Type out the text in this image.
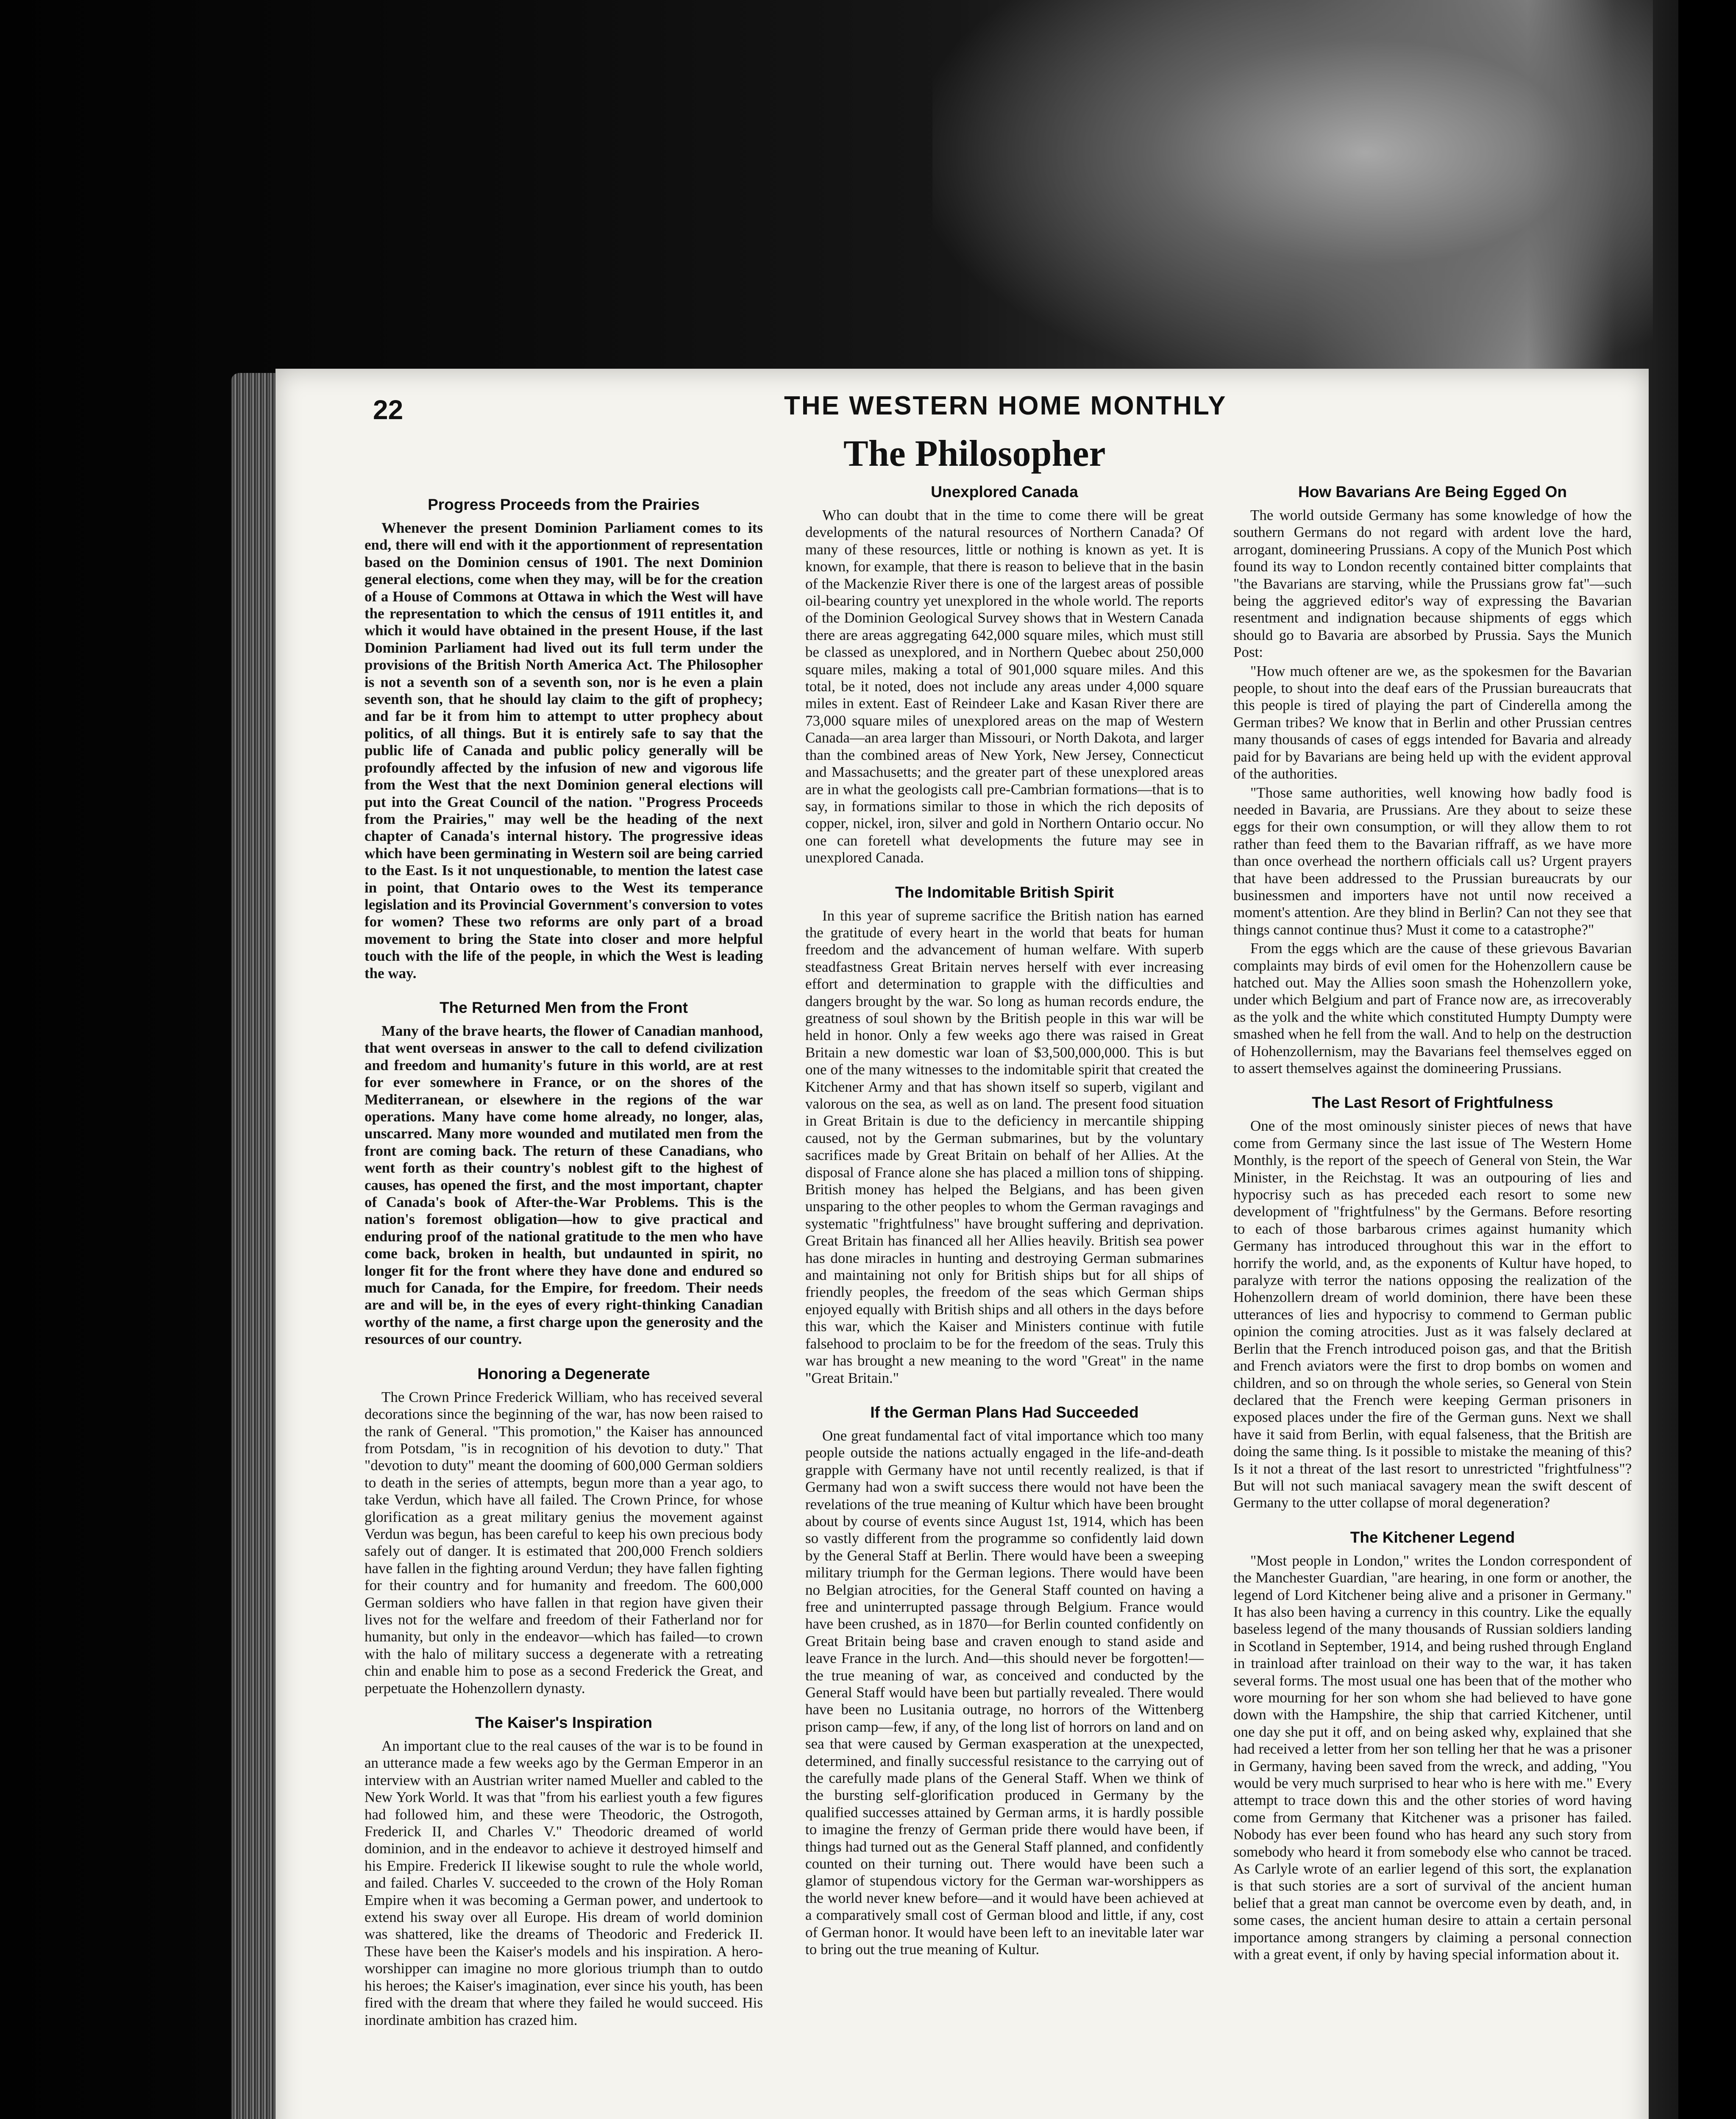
22	THE WESTERN HOME MONTHLY
The Philosopher
Progress Proceeds from the Prairies

Whenever the present Dominion Parliament comes to its end, there will end with it the apportionment of representation based on the Dominion census of 1901. The next Dominion general elections, come when they may, will be for the creation of a House of Commons at Ottawa in which the West will have the representation to which the census of 1911 entitles it, and which it would have obtained in the present House, if the last Dominion Parliament had lived out its full term under the provisions of the British North America Act. The Philosopher is not a seventh son of a seventh son, nor is he even a plain seventh son, that he should lay claim to the gift of prophecy; and far be it from him to attempt to utter prophecy about politics, of all things. But it is entirely safe to say that the public life of Canada and public policy generally will be profoundly affected by the infusion of new and vigorous life from the West that the next Dominion general elections will put into the Great Council of the nation. "Progress Proceeds from the Prairies," may well be the heading of the next chapter of Canada's internal history. The progressive ideas which have been germinating in Western soil are being carried to the East. Is it not unquestionable, to mention the latest case in point, that Ontario owes to the West its temperance legislation and its Provincial Government's conversion to votes for women? These two reforms are only part of a broad movement to bring the State into closer and more helpful touch with the life of the people, in which the West is leading the way.

The Returned Men from the Front

Many of the brave hearts, the flower of Canadian manhood, that went overseas in answer to the call to defend civilization and freedom and humanity's future in this world, are at rest for ever somewhere in France, or on the shores of the Mediterranean, or elsewhere in the regions of the war operations. Many have come home already, no longer, alas, unscarred. Many more wounded and mutilated men from the front are coming back. The return of these Canadians, who went forth as their country's noblest gift to the highest of causes, has opened the first, and the most important, chapter of Canada's book of After-the-War Problems. This is the nation's foremost obligation—how to give practical and enduring proof of the national gratitude to the men who have come back, broken in health, but undaunted in spirit, no longer fit for the front where they have done and endured so much for Canada, for the Empire, for freedom. Their needs are and will be, in the eyes of every right-thinking Canadian worthy of the name, a first charge upon the generosity and the resources of our country.

Honoring a Degenerate

The Crown Prince Frederick William, who has received several decorations since the beginning of the war, has now been raised to the rank of General. "This promotion," the Kaiser has announced from Potsdam, "is in recognition of his devotion to duty." That "devotion to duty" meant the dooming of 600,000 German soldiers to death in the series of attempts, begun more than a year ago, to take Verdun, which have all failed. The Crown Prince, for whose glorification as a great military genius the movement against Verdun was begun, has been careful to keep his own precious body safely out of danger. It is estimated that 200,000 French soldiers have fallen in the fighting around Verdun; they have fallen fighting for their country and for humanity and freedom. The 600,000 German soldiers who have fallen in that region have given their lives not for the welfare and freedom of their Fatherland nor for humanity, but only in the endeavor—which has failed—to crown with the halo of military success a degenerate with a retreating chin and enable him to pose as a second Frederick the Great, and perpetuate the Hohenzollern dynasty.

The Kaiser's Inspiration

An important clue to the real causes of the war is to be found in an utterance made a few weeks ago by the German Emperor in an interview with an Austrian writer named Mueller and cabled to the New York World. It was that "from his earliest youth a few figures had followed him, and these were Theodoric, the Ostrogoth, Frederick II, and Charles V." Theodoric dreamed of world dominion, and in the endeavor to achieve it destroyed himself and his Empire. Frederick II likewise sought to rule the whole world, and failed. Charles V. succeeded to the crown of the Holy Roman Empire when it was becoming a German power, and undertook to extend his sway over all Europe. His dream of world dominion was shattered, like the dreams of Theodoric and Frederick II. These have been the Kaiser's models and his inspiration. A hero-worshipper can imagine no more glorious triumph than to outdo his heroes; the Kaiser's imagination, ever since his youth, has been fired with the dream that where they failed he would succeed. His inordinate ambition has crazed him.

Unexplored Canada

Who can doubt that in the time to come there will be great developments of the natural resources of Northern Canada? Of many of these resources, little or nothing is known as yet. It is known, for example, that there is reason to believe that in the basin of the Mackenzie River there is one of the largest areas of possible oil-bearing country yet unexplored in the whole world. The reports of the Dominion Geological Survey shows that in Western Canada there are areas aggregating 642,000 square miles, which must still be classed as unexplored, and in Northern Quebec about 250,000 square miles, making a total of 901,000 square miles. And this total, be it noted, does not include any areas under 4,000 square miles in extent. East of Reindeer Lake and Kasan River there are 73,000 square miles of unexplored areas on the map of Western Canada—an area larger than Missouri, or North Dakota, and larger than the combined areas of New York, New Jersey, Connecticut and Massachusetts; and the greater part of these unexplored areas are in what the geologists call pre-Cambrian formations—that is to say, in formations similar to those in which the rich deposits of copper, nickel, iron, silver and gold in Northern Ontario occur. No one can foretell what developments the future may see in unexplored Canada.

The Indomitable British Spirit

In this year of supreme sacrifice the British nation has earned the gratitude of every heart in the world that beats for human freedom and the advancement of human welfare. With superb steadfastness Great Britain nerves herself with ever increasing effort and determination to grapple with the difficulties and dangers brought by the war. So long as human records endure, the greatness of soul shown by the British people in this war will be held in honor. Only a few weeks ago there was raised in Great Britain a new domestic war loan of $3,500,000,000. This is but one of the many witnesses to the indomitable spirit that created the Kitchener Army and that has shown itself so superb, vigilant and valorous on the sea, as well as on land. The present food situation in Great Britain is due to the deficiency in mercantile shipping caused, not by the German submarines, but by the voluntary sacrifices made by Great Britain on behalf of her Allies. At the disposal of France alone she has placed a million tons of shipping. British money has helped the Belgians, and has been given unsparing to the other peoples to whom the German ravagings and systematic "frightfulness" have brought suffering and deprivation. Great Britain has financed all her Allies heavily. British sea power has done miracles in hunting and destroying German submarines and maintaining not only for British ships but for all ships of friendly peoples, the freedom of the seas which German ships enjoyed equally with British ships and all others in the days before this war, which the Kaiser and Ministers continue with futile falsehood to proclaim to be for the freedom of the seas. Truly this war has brought a new meaning to the word "Great" in the name "Great Britain."

If the German Plans Had Succeeded

One great fundamental fact of vital importance which too many people outside the nations actually engaged in the life-and-death grapple with Germany have not until recently realized, is that if Germany had won a swift success there would not have been the revelations of the true meaning of Kultur which have been brought about by course of events since August 1st, 1914, which has been so vastly different from the programme so confidently laid down by the General Staff at Berlin. There would have been a sweeping military triumph for the German legions. There would have been no Belgian atrocities, for the General Staff counted on having a free and uninterrupted passage through Belgium. France would have been crushed, as in 1870—for Berlin counted confidently on Great Britain being base and craven enough to stand aside and leave France in the lurch. And—this should never be forgotten!—the true meaning of war, as conceived and conducted by the General Staff would have been but partially revealed. There would have been no Lusitania outrage, no horrors of the Wittenberg prison camp—few, if any, of the long list of horrors on land and on sea that were caused by German exasperation at the unexpected, determined, and finally successful resistance to the carrying out of the carefully made plans of the General Staff. When we think of the bursting self-glorification produced in Germany by the qualified successes attained by German arms, it is hardly possible to imagine the frenzy of German pride there would have been, if things had turned out as the General Staff planned, and confidently counted on their turning out. There would have been such a glamor of stupendous victory for the German war-worshippers as the world never knew before—and it would have been achieved at a comparatively small cost of German blood and little, if any, cost of German honor. It would have been left to an inevitable later war to bring out the true meaning of Kultur.

How Bavarians Are Being Egged On

The world outside Germany has some knowledge of how the southern Germans do not regard with ardent love the hard, arrogant, domineering Prussians. A copy of the Munich Post which found its way to London recently contained bitter complaints that "the Bavarians are starving, while the Prussians grow fat"—such being the aggrieved editor's way of expressing the Bavarian resentment and indignation because shipments of eggs which should go to Bavaria are absorbed by Prussia. Says the Munich Post:

"How much oftener are we, as the spokesmen for the Bavarian people, to shout into the deaf ears of the Prussian bureaucrats that this people is tired of playing the part of Cinderella among the German tribes? We know that in Berlin and other Prussian centres many thousands of cases of eggs intended for Bavaria and already paid for by Bavarians are being held up with the evident approval of the authorities.

"Those same authorities, well knowing how badly food is needed in Bavaria, are Prussians. Are they about to seize these eggs for their own consumption, or will they allow them to rot rather than feed them to the Bavarian riffraff, as we have more than once overhead the northern officials call us? Urgent prayers that have been addressed to the Prussian bureaucrats by our businessmen and importers have not until now received a moment's attention. Are they blind in Berlin? Can not they see that things cannot continue thus? Must it come to a catastrophe?"

From the eggs which are the cause of these grievous Bavarian complaints may birds of evil omen for the Hohenzollern cause be hatched out. May the Allies soon smash the Hohenzollern yoke, under which Belgium and part of France now are, as irrecoverably as the yolk and the white which constituted Humpty Dumpty were smashed when he fell from the wall. And to help on the destruction of Hohenzollernism, may the Bavarians feel themselves egged on to assert themselves against the domineering Prussians.

The Last Resort of Frightfulness

One of the most ominously sinister pieces of news that have come from Germany since the last issue of The Western Home Monthly, is the report of the speech of General von Stein, the War Minister, in the Reichstag. It was an outpouring of lies and hypocrisy such as has preceded each resort to some new development of "frightfulness" by the Germans. Before resorting to each of those barbarous crimes against humanity which Germany has introduced throughout this war in the effort to horrify the world, and, as the exponents of Kultur have hoped, to paralyze with terror the nations opposing the realization of the Hohenzollern dream of world dominion, there have been these utterances of lies and hypocrisy to commend to German public opinion the coming atrocities. Just as it was falsely declared at Berlin that the French introduced poison gas, and that the British and French aviators were the first to drop bombs on women and children, and so on through the whole series, so General von Stein declared that the French were keeping German prisoners in exposed places under the fire of the German guns. Next we shall have it said from Berlin, with equal falseness, that the British are doing the same thing. Is it possible to mistake the meaning of this? Is it not a threat of the last resort to unrestricted "frightfulness"? But will not such maniacal savagery mean the swift descent of Germany to the utter collapse of moral degeneration?

The Kitchener Legend

"Most people in London," writes the London correspondent of the Manchester Guardian, "are hearing, in one form or another, the legend of Lord Kitchener being alive and a prisoner in Germany." It has also been having a currency in this country. Like the equally baseless legend of the many thousands of Russian soldiers landing in Scotland in September, 1914, and being rushed through England in trainload after trainload on their way to the war, it has taken several forms. The most usual one has been that of the mother who wore mourning for her son whom she had believed to have gone down with the Hampshire, the ship that carried Kitchener, until one day she put it off, and on being asked why, explained that she had received a letter from her son telling her that he was a prisoner in Germany, having been saved from the wreck, and adding, "You would be very much surprised to hear who is here with me." Every attempt to trace down this and the other stories of word having come from Germany that Kitchener was a prisoner has failed. Nobody has ever been found who has heard any such story from somebody who heard it from somebody else who cannot be traced. As Carlyle wrote of an earlier legend of this sort, the explanation is that such stories are a sort of survival of the ancient human belief that a great man cannot be overcome even by death, and, in some cases, the ancient human desire to attain a certain personal importance among strangers by claiming a personal connection with a great event, if only by having special information about it.
